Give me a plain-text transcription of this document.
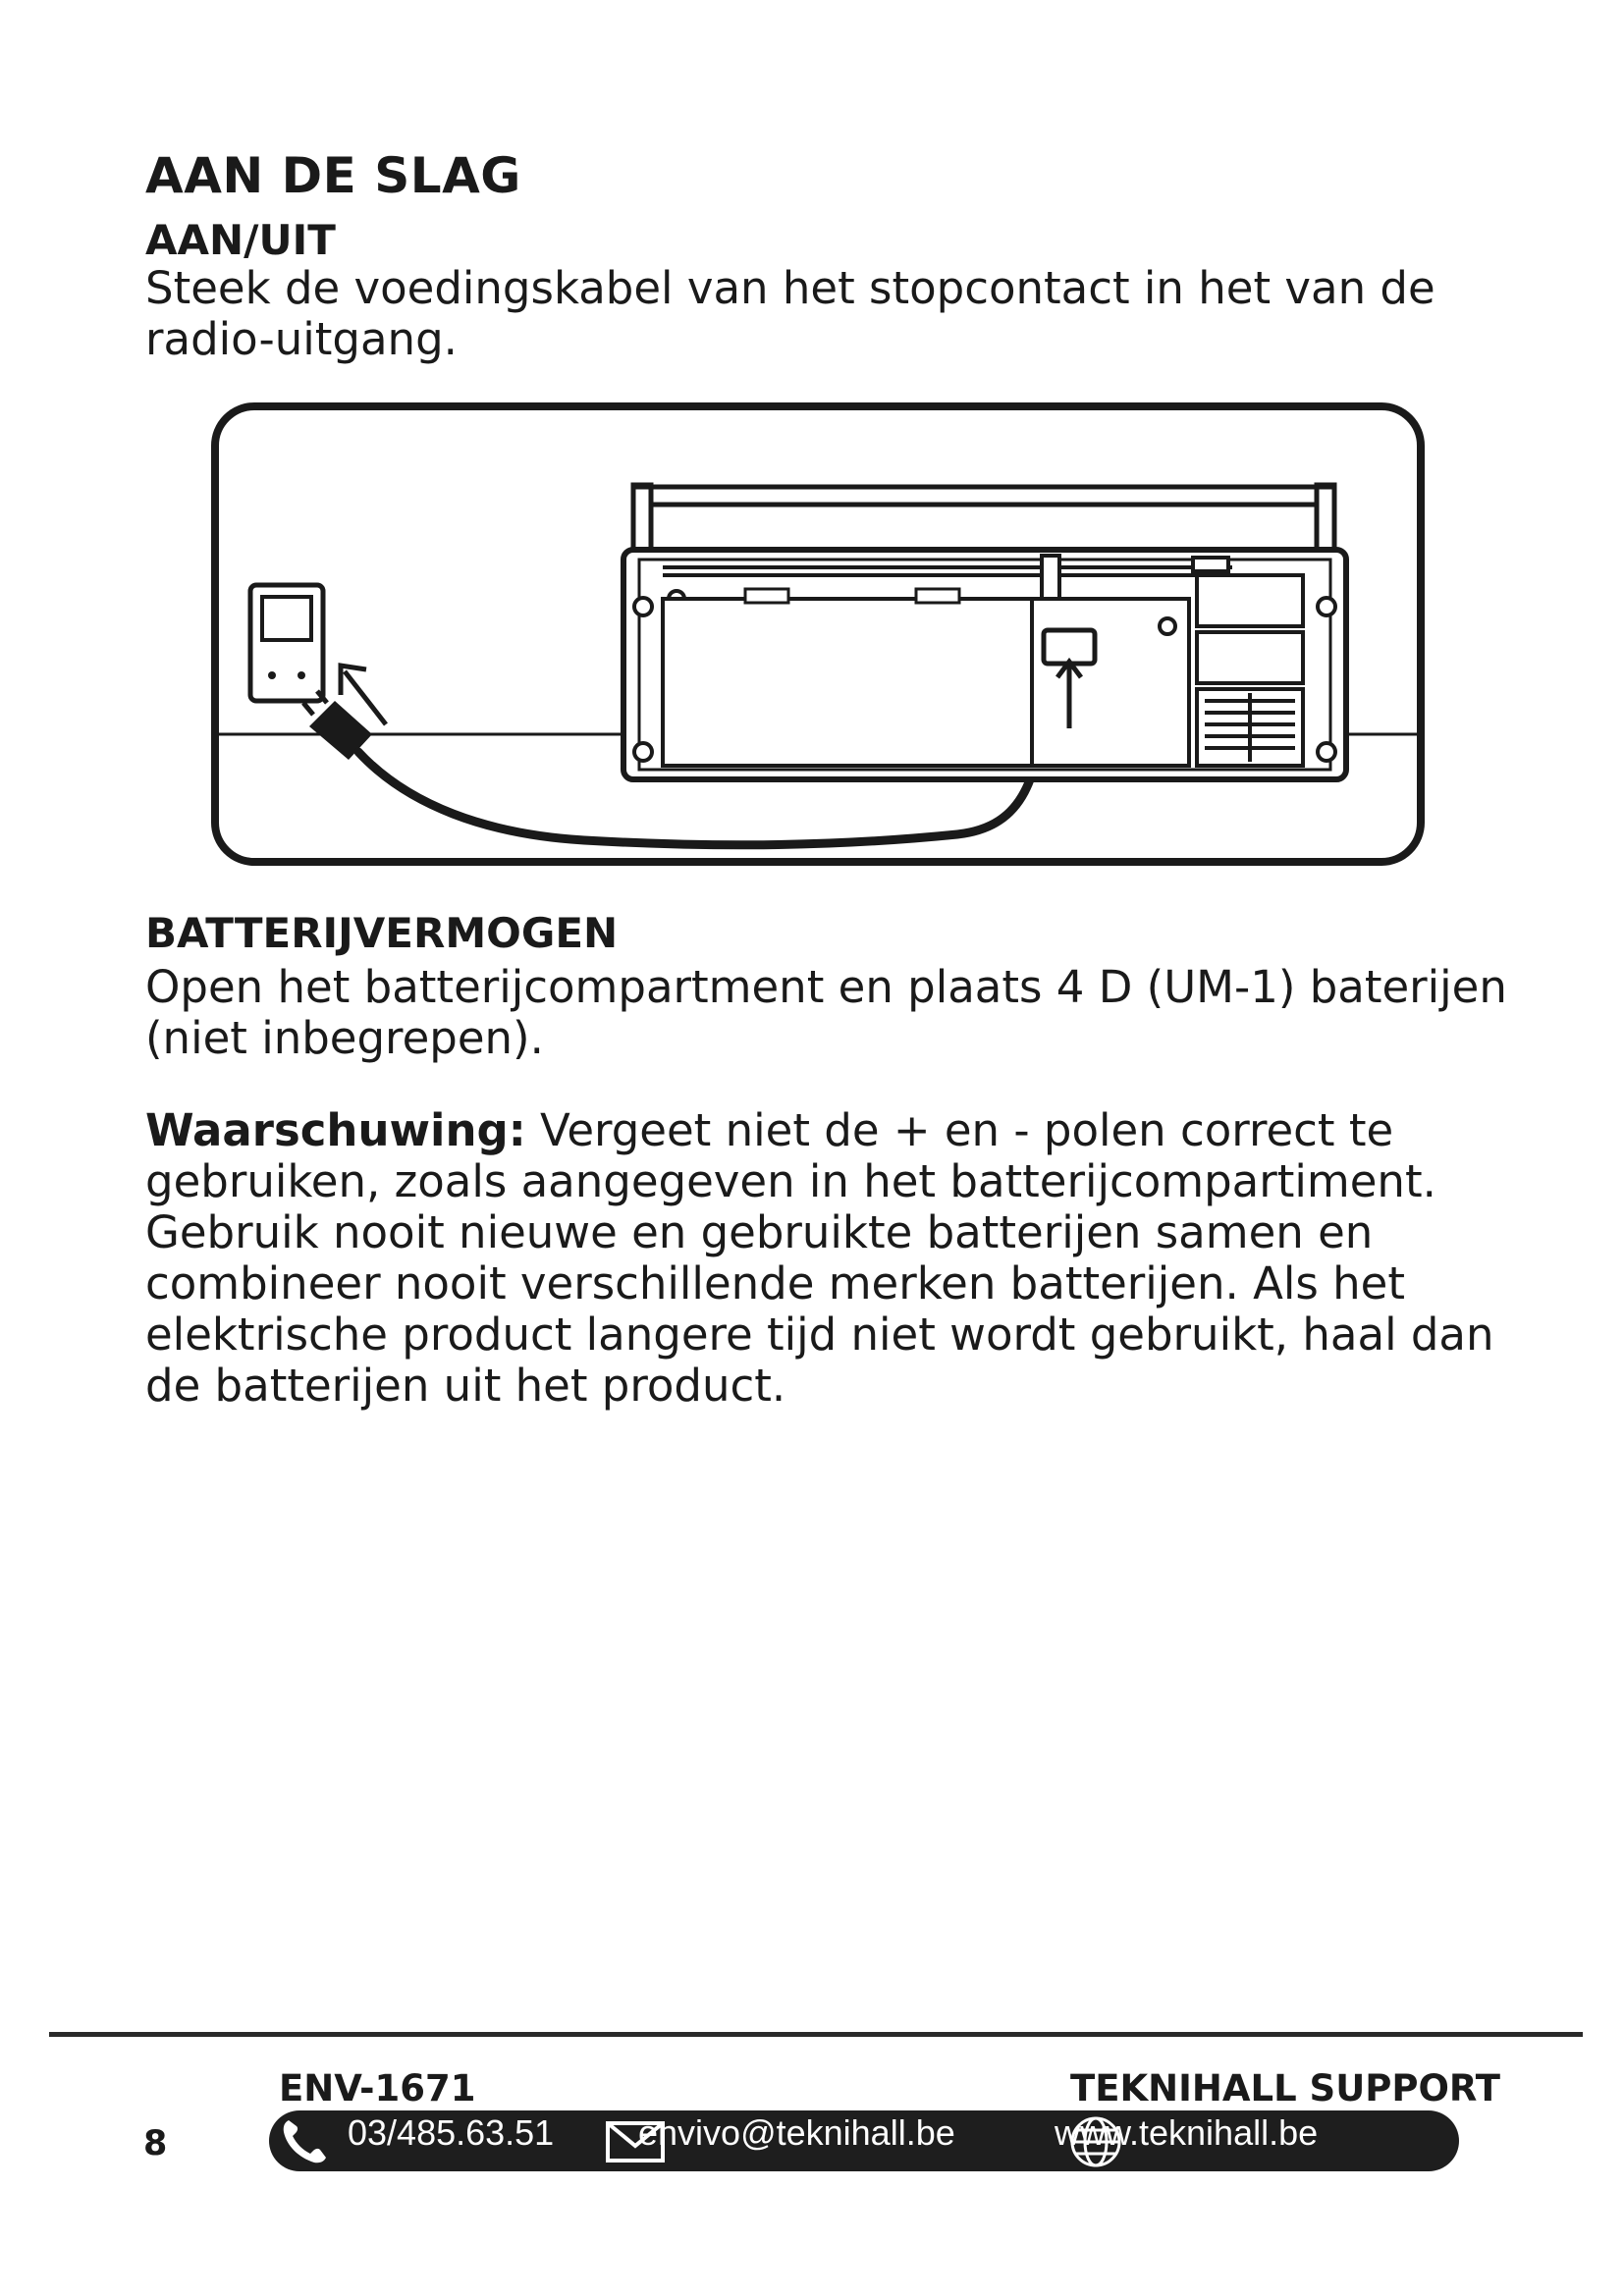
AAN DE SLAG
AAN/UIT

Steek de voedingskabel van het stopcontact in het van de radio-uitgang.

BATTERIJVERMOGEN

Open het batterijcompartment en plaats 4 D (UM-1) baterijen (niet inbegrepen).

Waarschuwing: Vergeet niet de + en - polen correct te gebruiken, zoals aangegeven in het batterijcompartiment. Gebruik nooit nieuwe en gebruikte batterijen samen en combineer nooit verschillende merken batterijen. Als het elektrische product langere tijd niet wordt gebruikt, haal dan de batterijen uit het product.

ENV-1671	TEKNIHALL SUPPORT
8	03/485.63.51 envivo@teknihall.be	www.teknihall.be
